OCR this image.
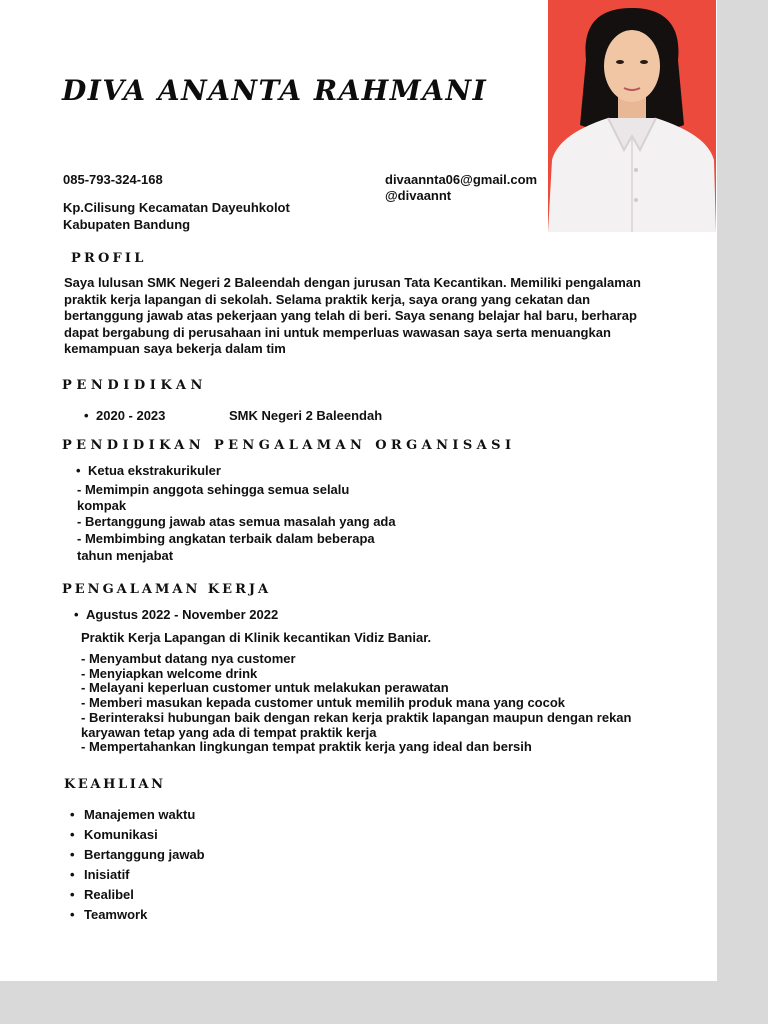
DIVA ANANTA RAHMANI
085-793-324-168	divaannta06@gmail.com
@divaannt
Kp.Cilisung Kecamatan Dayeuhkolot
Kabupaten Bandung
PROFIL
Saya lulusan SMK Negeri 2 Baleendah dengan jurusan Tata Kecantikan. Memiliki pengalaman praktik kerja lapangan di sekolah. Selama praktik kerja, saya orang yang cekatan dan bertanggung jawab atas pekerjaan yang telah di beri. Saya senang belajar hal baru, berharap dapat bergabung di perusahaan ini untuk memperluas wawasan saya serta menuangkan kemampuan saya bekerja dalam tim
PENDIDIKAN
• 2020 - 2023	SMK Negeri 2 Baleendah
PENDIDIKAN PENGALAMAN ORGANISASI
• Ketua ekstrakurikuler
- Memimpin anggota sehingga semua selalu
kompak
- Bertanggung jawab atas semua masalah yang ada
- Membimbing angkatan terbaik dalam beberapa
tahun menjabat
PENGALAMAN KERJA
• Agustus 2022 - November 2022
Praktik Kerja Lapangan di Klinik kecantikan Vidiz Baniar.
- Menyambut datang nya customer
- Menyiapkan welcome drink
- Melayani keperluan customer untuk melakukan perawatan
- Memberi masukan kepada customer untuk memilih produk mana yang cocok
- Berinteraksi hubungan baik dengan rekan kerja praktik lapangan maupun dengan rekan
karyawan tetap yang ada di tempat praktik kerja
- Mempertahankan lingkungan tempat praktik kerja yang ideal dan bersih
KEAHLIAN
• Manajemen waktu
• Komunikasi
• Bertanggung jawab
• Inisiatif
• Realibel
• Teamwork
